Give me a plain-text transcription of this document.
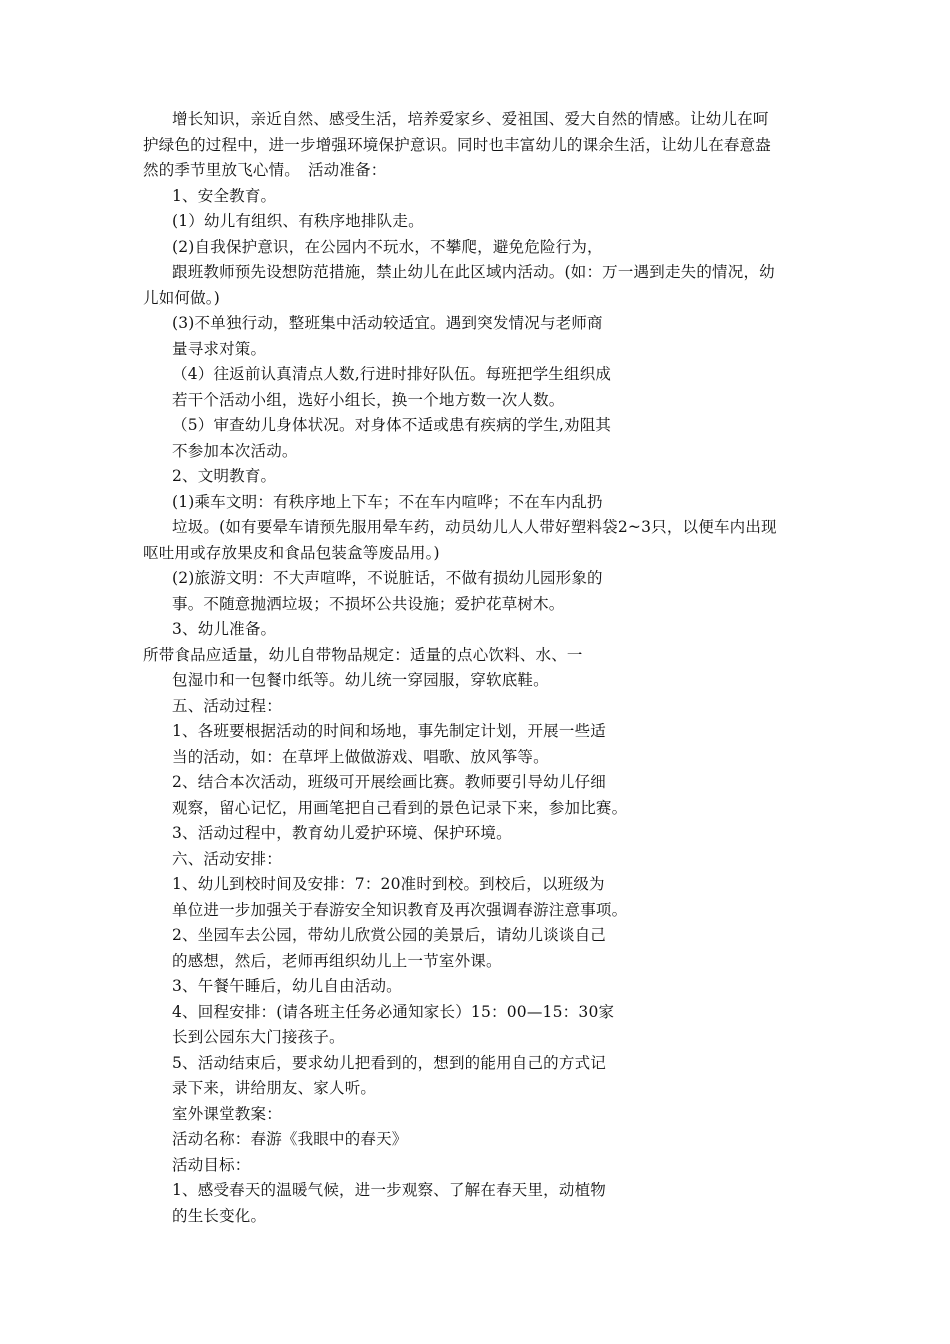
增长知识，亲近自然、感受生活，培养爱家乡、爱祖国、爱大自然的情感。让幼儿在呵
护绿色的过程中，进一步增强环境保护意识。同时也丰富幼儿的课余生活，让幼儿在春意盎
然的季节里放飞心情。　活动准备：
1、安全教育。
(1）幼儿有组织、有秩序地排队走。
(2)自我保护意识，在公园内不玩水，不攀爬，避免危险行为，
跟班教师预先设想防范措施，禁止幼儿在此区域内活动。(如：万一遇到走失的情况，幼
儿如何做。)
(3)不单独行动，整班集中活动较适宜。遇到突发情况与老师商
量寻求对策。
（4）往返前认真清点人数,行进时排好队伍。每班把学生组织成
若干个活动小组，选好小组长，换一个地方数一次人数。
（5）审查幼儿身体状况。对身体不适或患有疾病的学生,劝阻其
不参加本次活动。
2、文明教育。
(1)乘车文明：有秩序地上下车；不在车内喧哗；不在车内乱扔
垃圾。(如有要晕车请预先服用晕车药，动员幼儿人人带好塑料袋2~3只，以便车内出现
呕吐用或存放果皮和食品包装盒等废品用。)
(2)旅游文明：不大声喧哗，不说脏话，不做有损幼儿园形象的
事。不随意抛洒垃圾；不损坏公共设施；爱护花草树木。
3、幼儿准备。
所带食品应适量，幼儿自带物品规定：适量的点心饮料、水、一
包湿巾和一包餐巾纸等。幼儿统一穿园服，穿软底鞋。
五、活动过程：
1、各班要根据活动的时间和场地，事先制定计划，开展一些适
当的活动，如：在草坪上做做游戏、唱歌、放风筝等。
2、结合本次活动，班级可开展绘画比赛。教师要引导幼儿仔细
观察，留心记忆，用画笔把自己看到的景色记录下来，参加比赛。
3、活动过程中，教育幼儿爱护环境、保护环境。
六、活动安排：
1、幼儿到校时间及安排：7：20准时到校。到校后，以班级为
单位进一步加强关于春游安全知识教育及再次强调春游注意事项。
2、坐园车去公园，带幼儿欣赏公园的美景后，请幼儿谈谈自己
的感想，然后，老师再组织幼儿上一节室外课。
3、午餐午睡后，幼儿自由活动。
4、回程安排：(请各班主任务必通知家长）15：00—15：30家
长到公园东大门接孩子。
5、活动结束后，要求幼儿把看到的，想到的能用自己的方式记
录下来，讲给朋友、家人听。
室外课堂教案：
活动名称：春游《我眼中的春天》
活动目标：
1、感受春天的温暖气候，进一步观察、了解在春天里，动植物
的生长变化。
